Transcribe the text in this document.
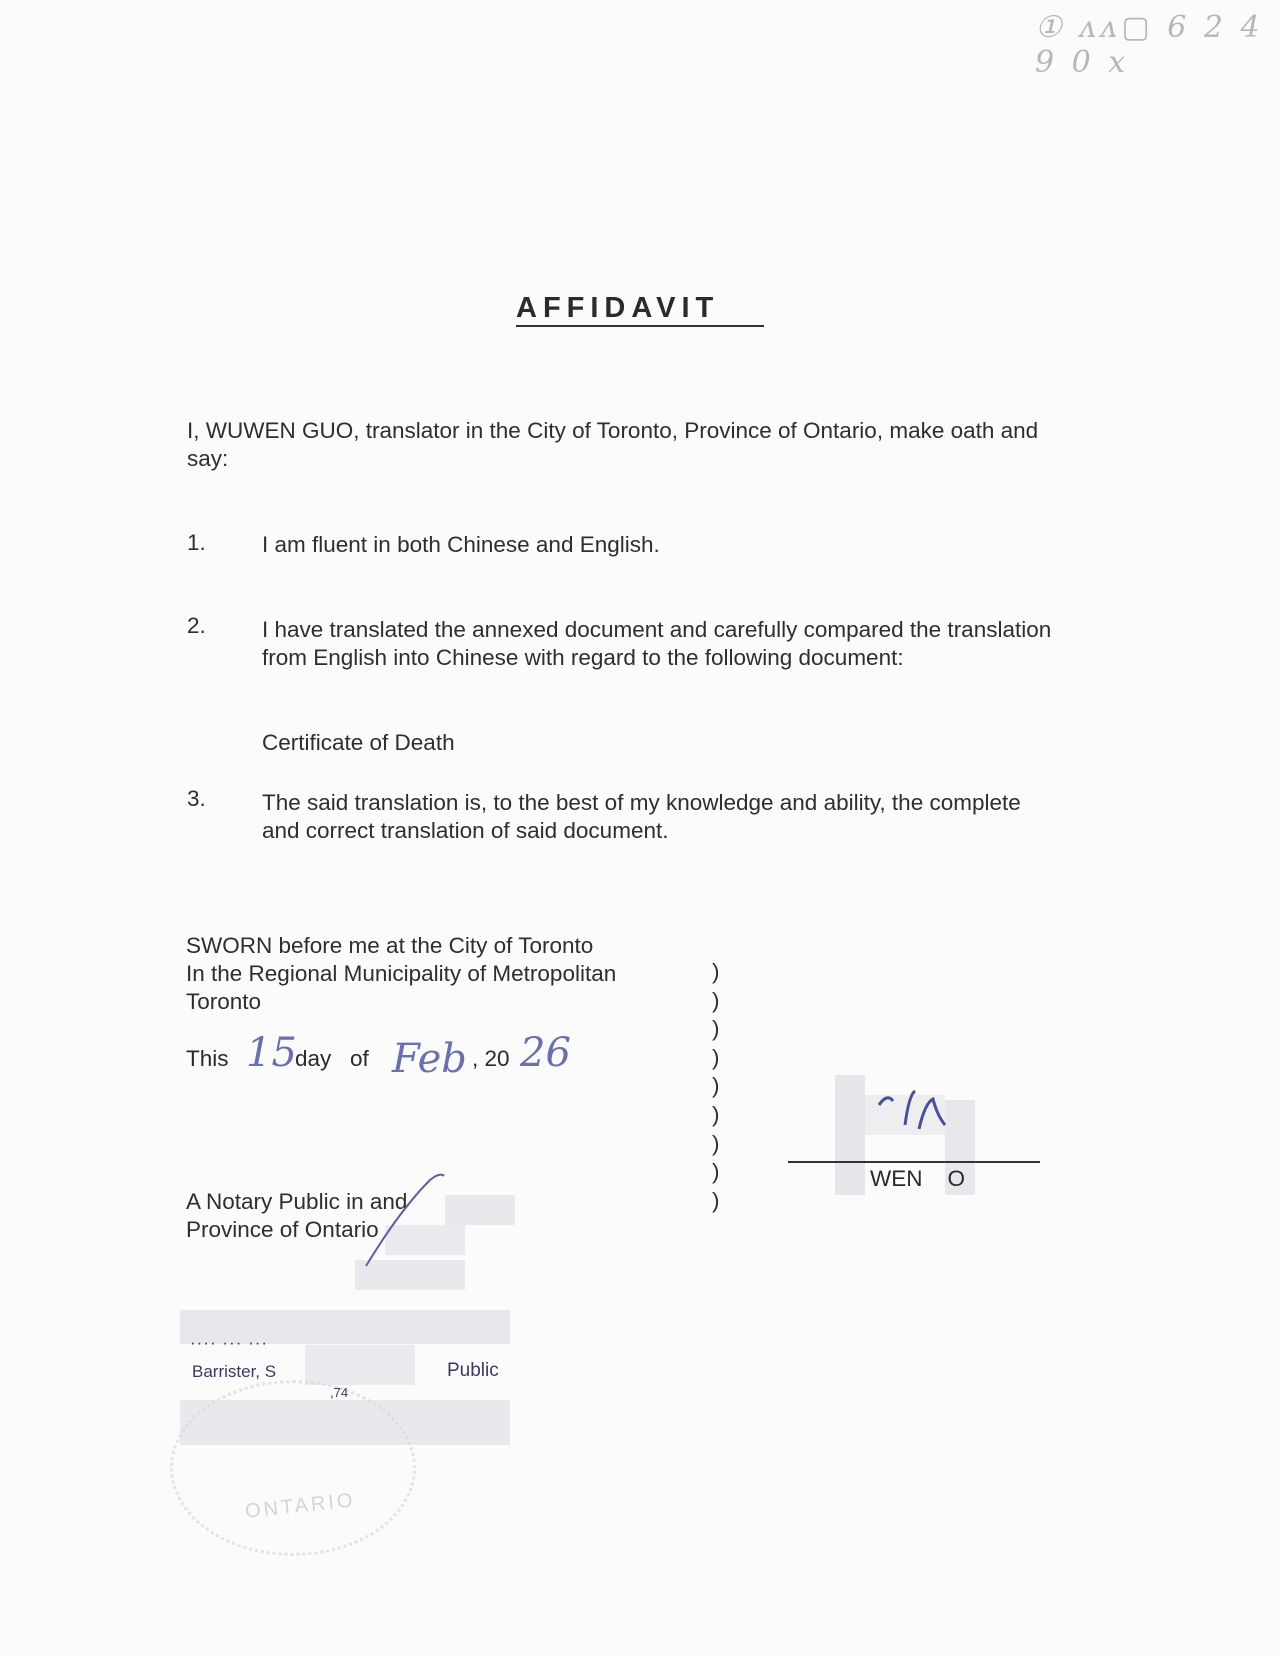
① ᴧᴧ▢ 6 2 4 9 0 x
AFFIDAVIT
I, WUWEN GUO, translator in the City of Toronto, Province of Ontario, make oath and say:
1. I am fluent in both Chinese and English.
2. I have translated the annexed document and carefully compared the translation from English into Chinese with regard to the following document:
Certificate of Death
3. The said translation is, to the best of my knowledge and ability, the complete and correct translation of said document.
SWORN before me at the City of Toronto
In the Regional Municipality of Metropolitan
Toronto
This 15
day of Feb , 20 26
)
)
)
)
)
)
)
)
)
A Notary Public in and
Province of Ontario
WEN    O
ONTARIO
···· ··· ···
Barrister, S	Public
,74
